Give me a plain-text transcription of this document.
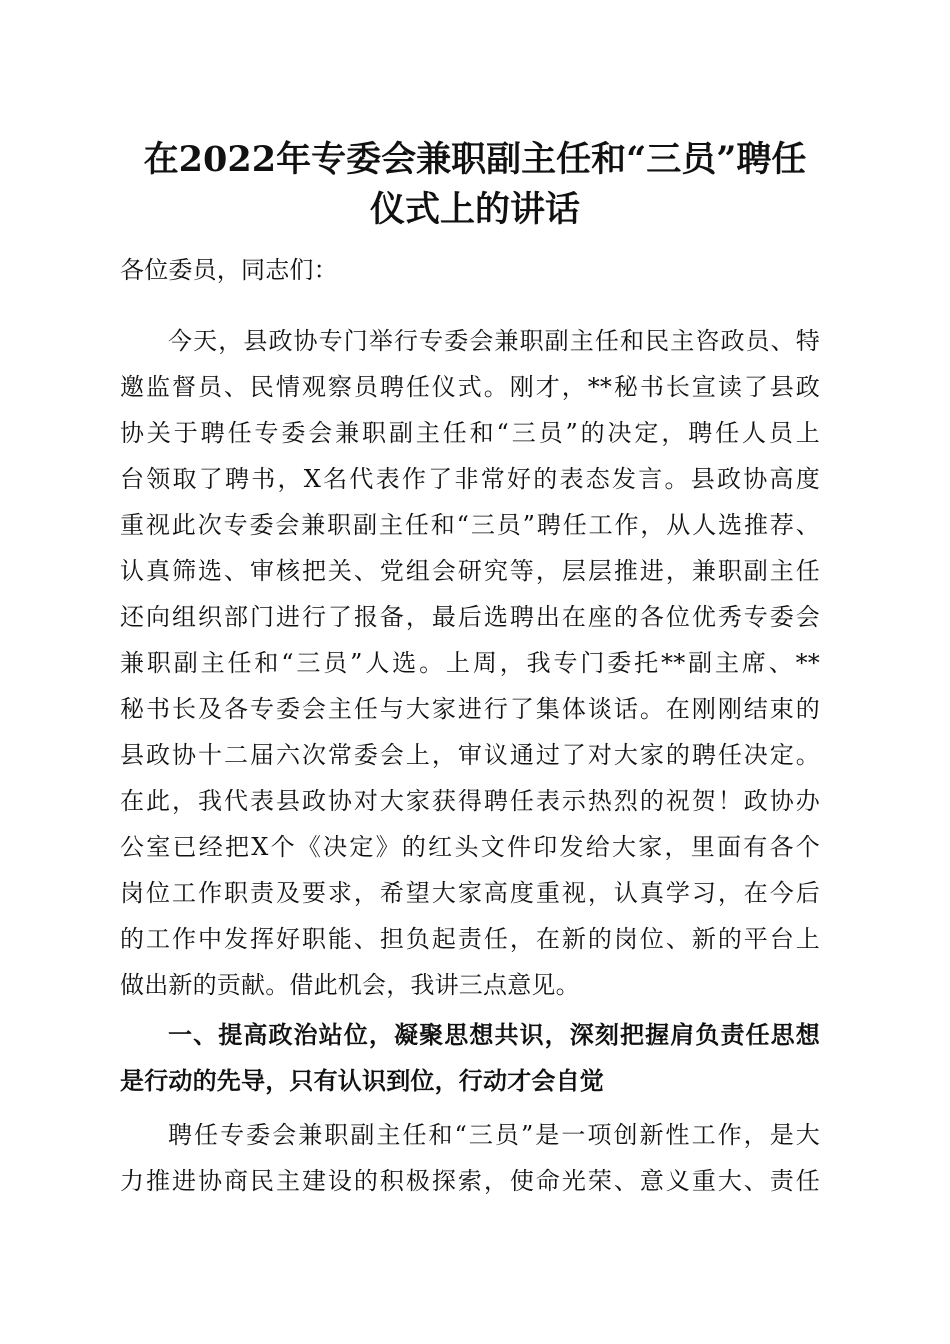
在2022年专委会兼职副主任和“三员”聘任
仪式上的讲话
各位委员，同志们：
今天，县政协专门举行专委会兼职副主任和民主咨政员、特
邀监督员、民情观察员聘任仪式。刚才，**秘书长宣读了县政
协关于聘任专委会兼职副主任和“三员”的决定，聘任人员上
台领取了聘书，X名代表作了非常好的表态发言。县政协高度
重视此次专委会兼职副主任和“三员”聘任工作，从人选推荐、
认真筛选、审核把关、党组会研究等，层层推进，兼职副主任
还向组织部门进行了报备，最后选聘出在座的各位优秀专委会
兼职副主任和“三员”人选。上周，我专门委托**副主席、**
秘书长及各专委会主任与大家进行了集体谈话。在刚刚结束的
县政协十二届六次常委会上，审议通过了对大家的聘任决定。
在此，我代表县政协对大家获得聘任表示热烈的祝贺！政协办
公室已经把X个《决定》的红头文件印发给大家，里面有各个
岗位工作职责及要求，希望大家高度重视，认真学习，在今后
的工作中发挥好职能、担负起责任，在新的岗位、新的平台上
做出新的贡献。借此机会，我讲三点意见。
一、提高政治站位，凝聚思想共识，深刻把握肩负责任思想
是行动的先导，只有认识到位，行动才会自觉
聘任专委会兼职副主任和“三员”是一项创新性工作，是大
力推进协商民主建设的积极探索，使命光荣、意义重大、责任
